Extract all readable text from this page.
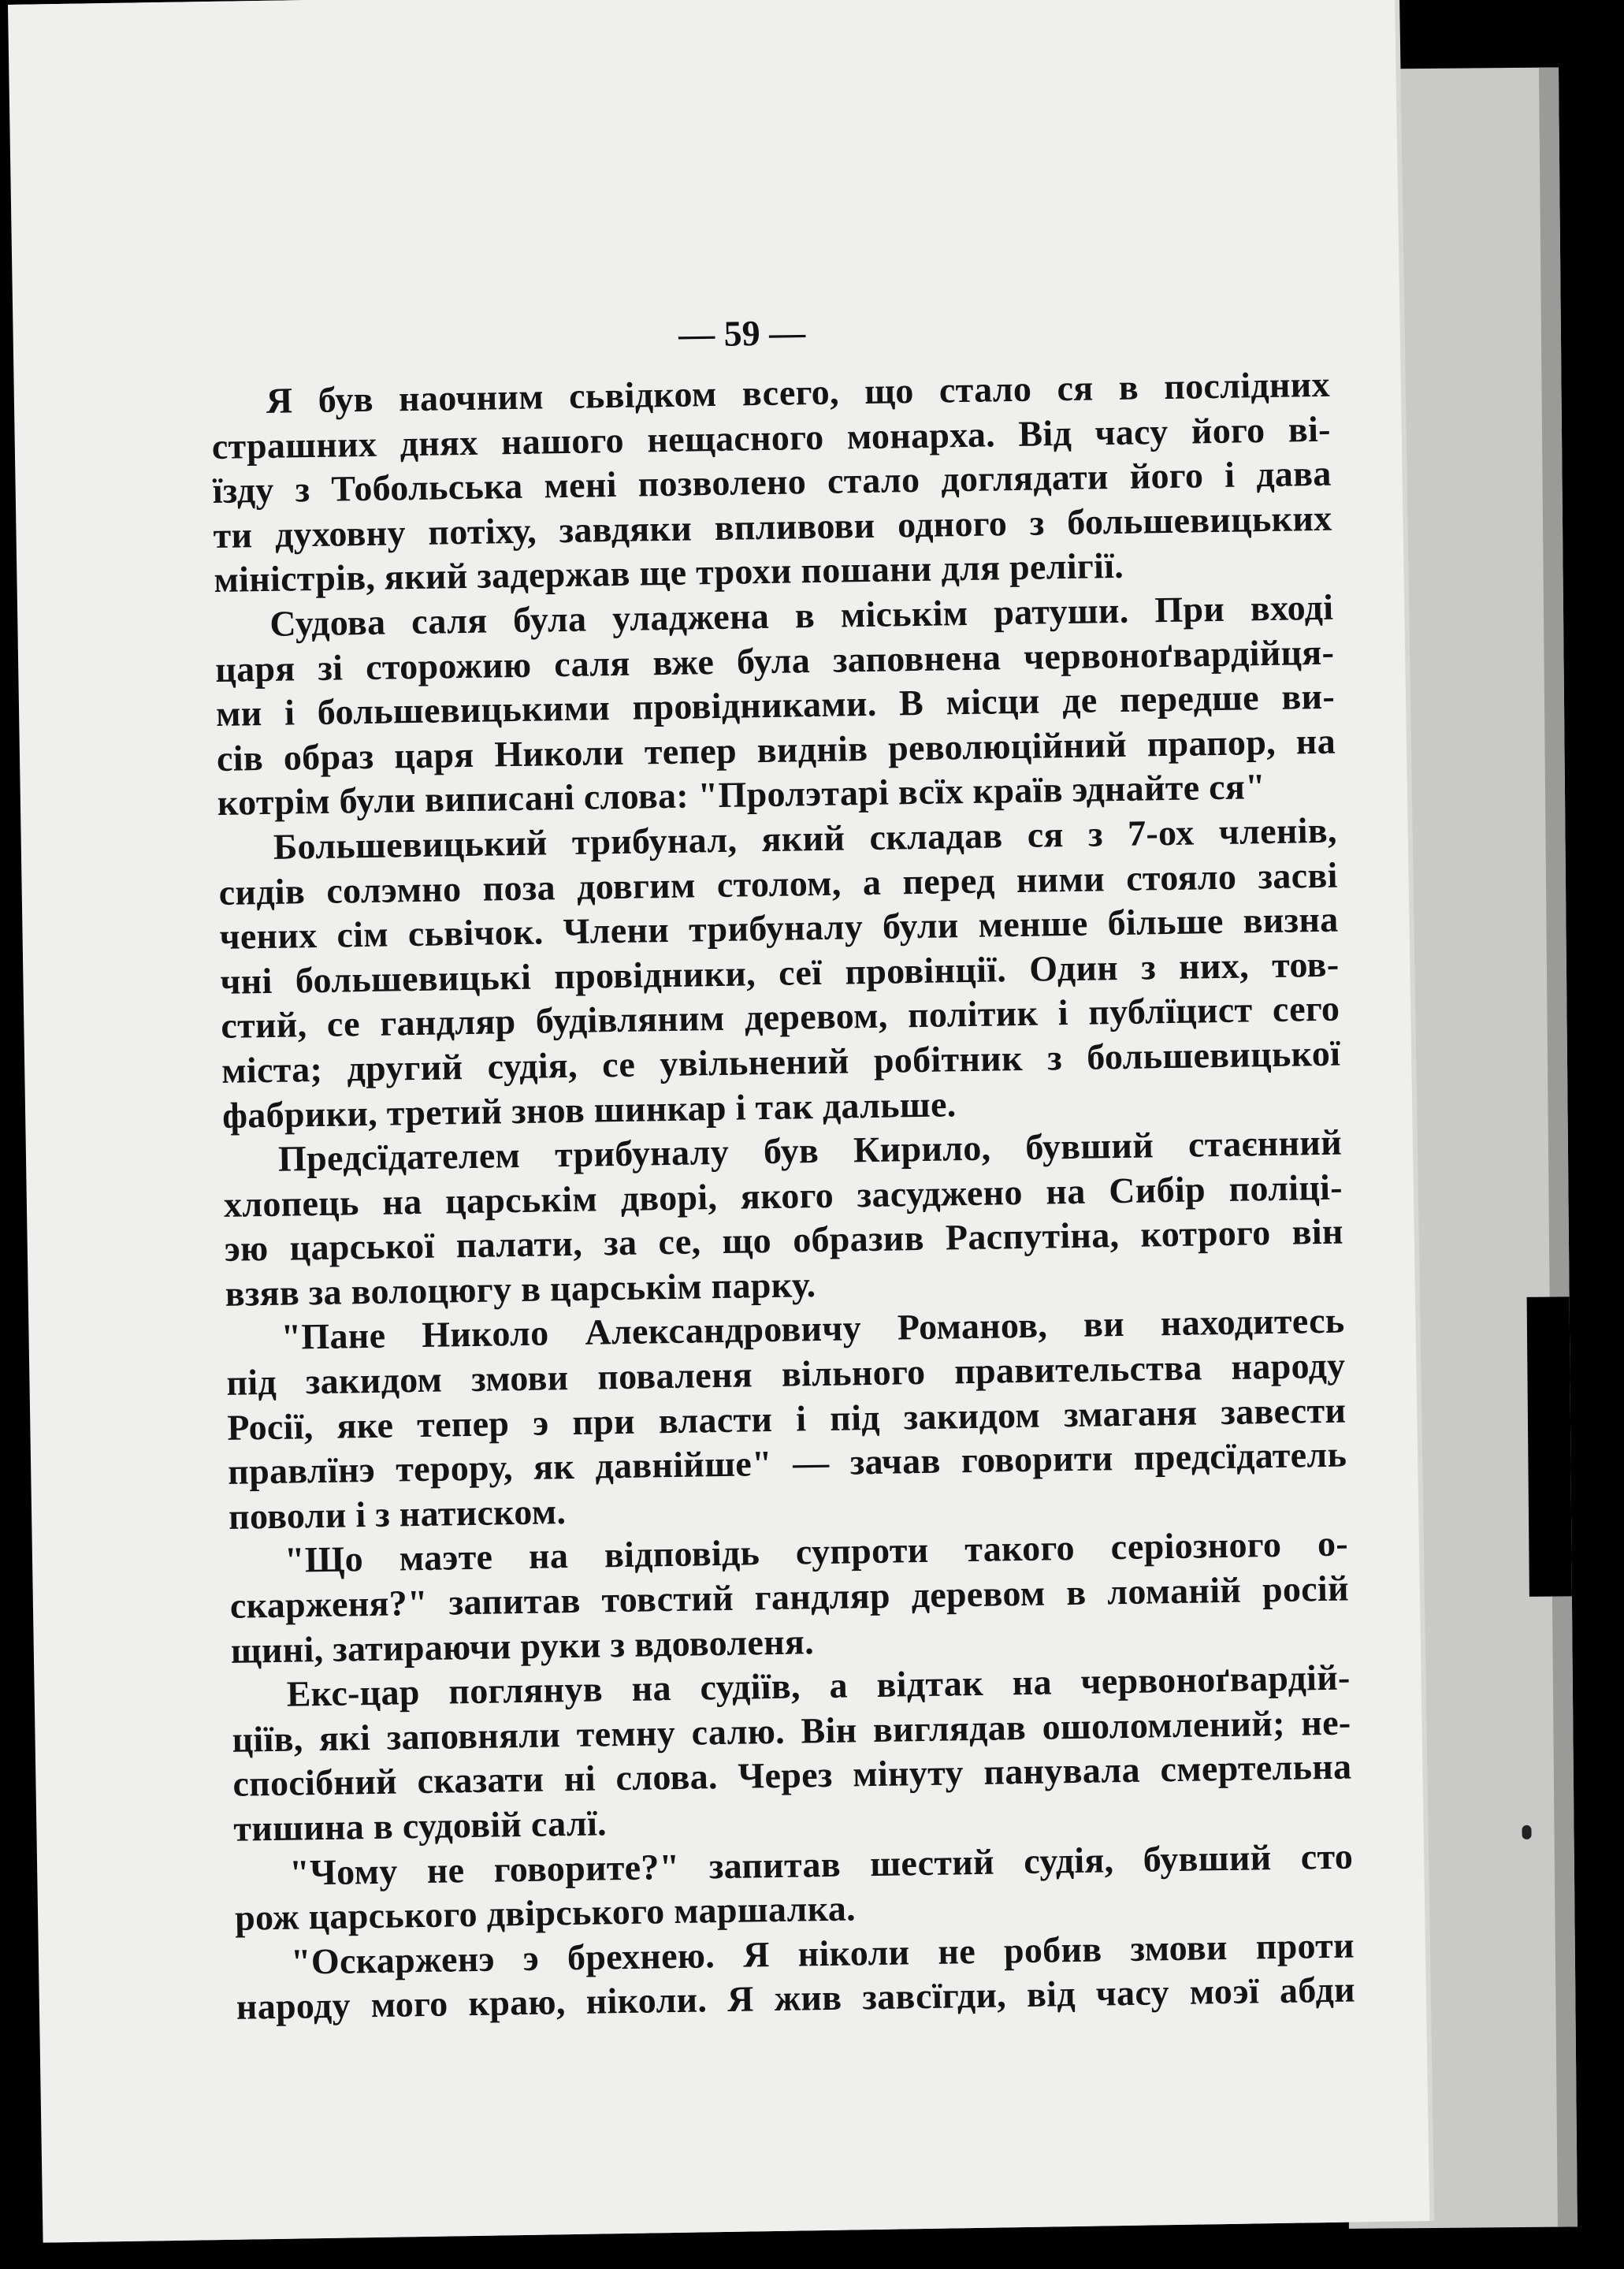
— 59 —
Я був наочним сьвідком всего, що стало ся в послідних
страшних днях нашого нещасного монарха. Від часу його ві-
їзду з Тобольська мені позволено стало доглядати його і дава
ти духовну потіху, завдяки впливови одного з большевицьких
міністрів, який задержав ще трохи пошани для релігії.
Судова саля була уладжена в міськім ратуши. При вході
царя зі сторожию саля вже була заповнена червоноґвардійця-
ми і большевицькими провідниками. В місци де передше ви-
сів образ царя Николи тепер виднів революційний прапор, на
котрім були виписані слова: "Пролэтарі всїх країв эднайте ся"
Большевицький трибунал, який складав ся з 7-ох членів,
сидів солэмно поза довгим столом, а перед ними стояло засві
чених сім сьвічок. Члени трибуналу були менше більше визна
чні большевицькі провідники, сеї провінції. Один з них, тов-
стий, се гандляр будівляним деревом, політик і публїцист сего
міста; другий судія, се увільнений робітник з большевицької
фабрики, третий знов шинкар і так дальше.
Предсїдателем трибуналу був Кирило, бувший стаєнний
хлопець на царськім дворі, якого засуджено на Сибір поліці-
эю царської палати, за се, що образив Распутіна, котрого він
взяв за волоцюгу в царськім парку.
"Пане Николо Александровичу Романов, ви находитесь
під закидом змови поваленя вільного правительства народу
Росії, яке тепер э при власти і під закидом змаганя завести
правлїнэ терору, як давнійше" — зачав говорити предсїдатель
поволи і з натиском.
"Що маэте на відповідь супроти такого серіозного о-
скарженя?" запитав товстий гандляр деревом в ломаній росій
щині, затираючи руки з вдоволеня.
Екс-цар поглянув на судіїв, а відтак на червоноґвардій-
ціїв, які заповняли темну салю. Він виглядав ошоломлений; не-
спосібний сказати ні слова. Через мінуту панувала смертельна
тишина в судовій салї.
"Чому не говорите?" запитав шестий судія, бувший сто
рож царського двірського маршалка.
"Оскарженэ э брехнею. Я ніколи не робив змови проти
народу мого краю, ніколи. Я жив завсїгди, від часу моэї абди
